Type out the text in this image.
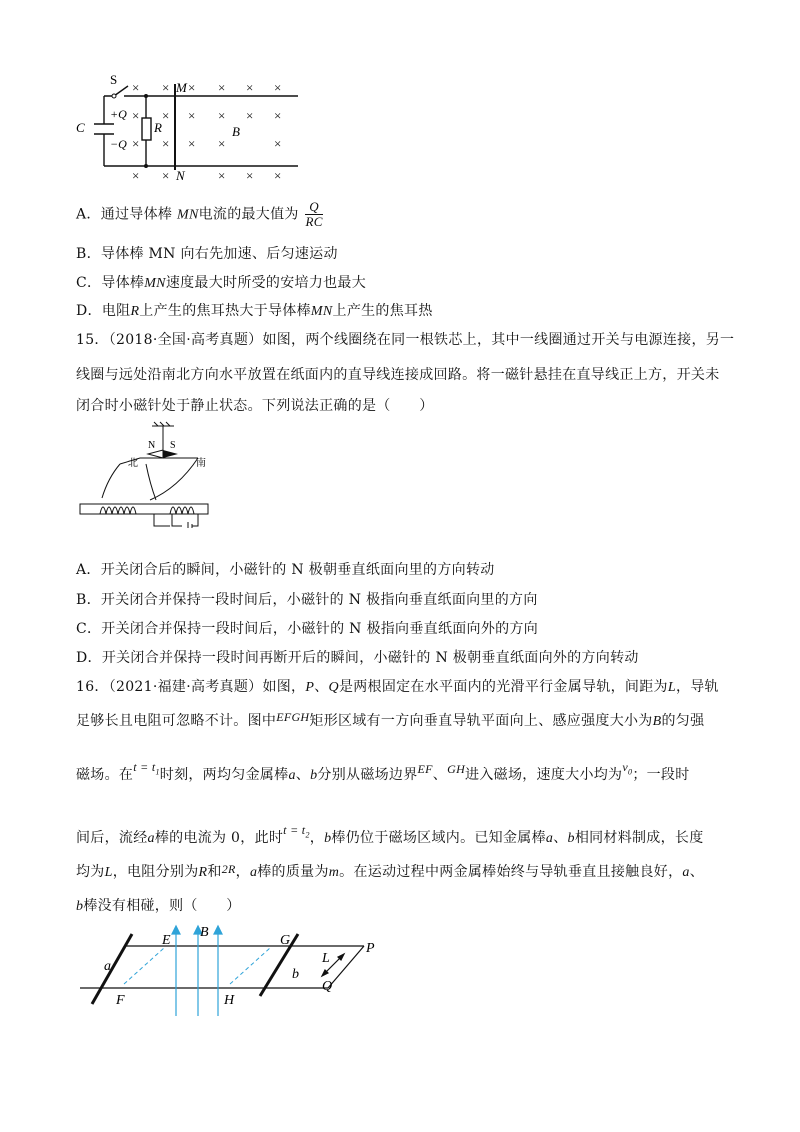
S
M
N
C
+Q
−Q
R	B
× × × × × ×
× × × × × ×
× × × ×	×
× ×	× × ×
A．通过导体棒 MN电流的最大值为 $\frac{Q}{RC}$
B．导体棒 MN 向右先加速、后匀速运动
C．导体棒MN速度最大时所受的安培力也最大
D．电阻R上产生的焦耳热大于导体棒MN上产生的焦耳热
15．（2018·全国·高考真题）如图，两个线圈绕在同一根铁芯上，其中一线圈通过开关与电源连接，另一
线圈与远处沿南北方向水平放置在纸面内的直导线连接成回路。将一磁针悬挂在直导线正上方，开关未
闭合时小磁针处于静止状态。下列说法正确的是（　　）
N S
北	南
A．开关闭合后的瞬间，小磁针的 N 极朝垂直纸面向里的方向转动
B．开关闭合并保持一段时间后，小磁针的 N 极指向垂直纸面向里的方向
C．开关闭合并保持一段时间后，小磁针的 N 极指向垂直纸面向外的方向
D．开关闭合并保持一段时间再断开后的瞬间，小磁针的 N 极朝垂直纸面向外的方向转动
16．（2021·福建·高考真题）如图，P、Q是两根固定在水平面内的光滑平行金属导轨，间距为L，导轨
足够长且电阻可忽略不计。图中EFGH矩形区域有一方向垂直导轨平面向上、感应强度大小为B的匀强
磁场。在$t = t_1$时刻，两均匀金属棒a、b分别从磁场边界EF、GH进入磁场，速度大小均为$v_0$；一段时
间后，流经a棒的电流为 0，此时$t = t_2$，b棒仍位于磁场区域内。已知金属棒a、b相同材料制成，长度
均为L，电阻分别为R和2R，a棒的质量为m。在运动过程中两金属棒始终与导轨垂直且接触良好，a、
b棒没有相碰，则（　　）
E
B
G
P
a
b
L
Q
F	H
